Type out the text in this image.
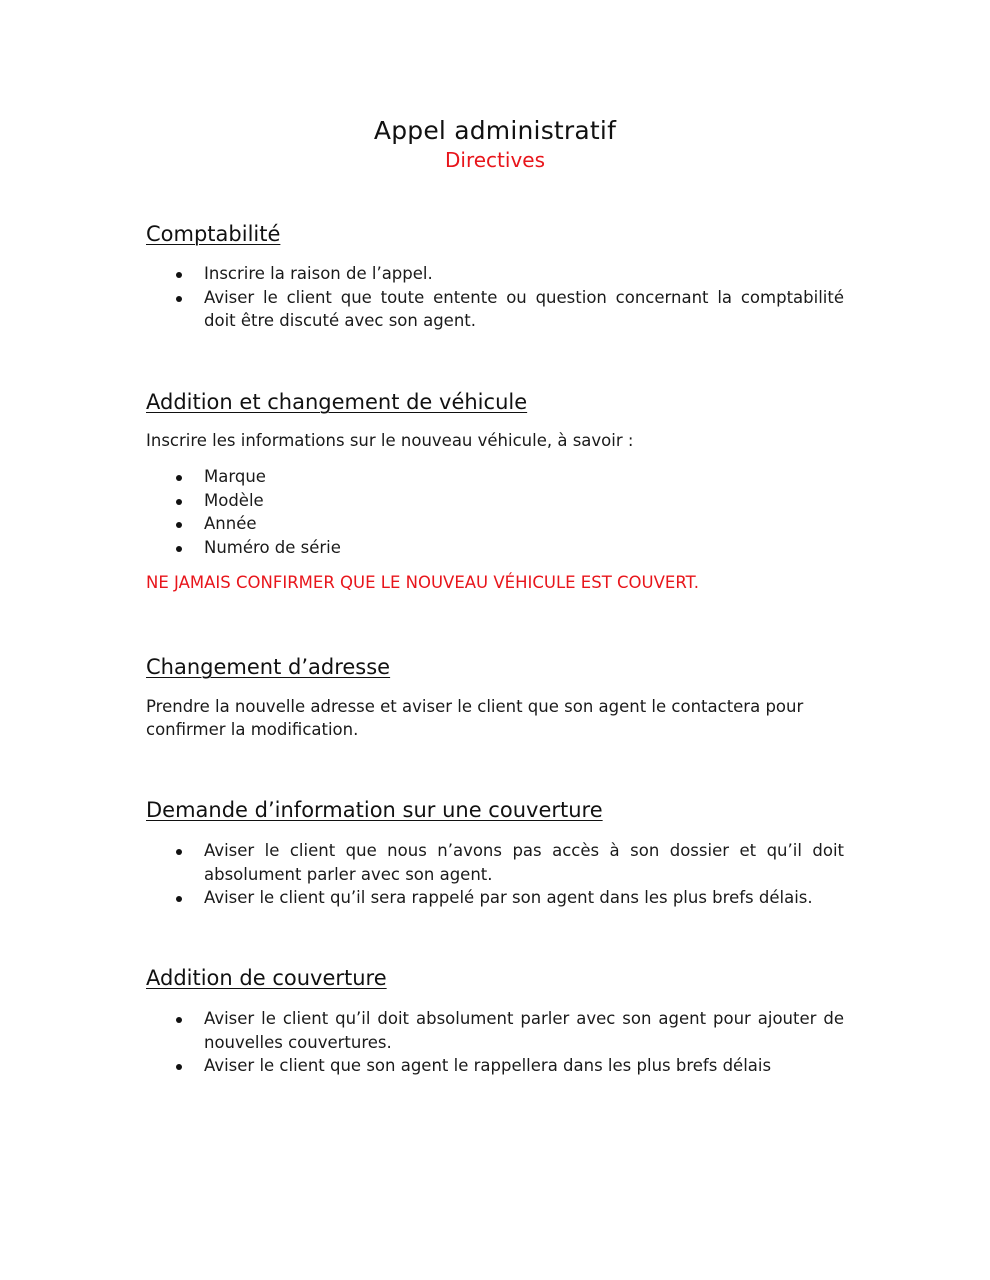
Appel administratif
Directives
Comptabilité
Inscrire la raison de l’appel.
Aviser le client que toute entente ou question concernant la comptabilité doit être discuté avec son agent.
Addition et changement de véhicule

Inscrire les informations sur le nouveau véhicule, à savoir :

Marque
Modèle
Année
Numéro de série

NE JAMAIS CONFIRMER QUE LE NOUVEAU VÉHICULE EST COUVERT.

Changement d’adresse

Prendre la nouvelle adresse et aviser le client que son agent le contactera pour confirmer la modification.

Demande d’information sur une couverture
Aviser le client que nous n’avons pas accès à son dossier et qu’il doit absolument parler avec son agent.
Aviser le client qu’il sera rappelé par son agent dans les plus brefs délais.
Addition de couverture
Aviser le client qu’il doit absolument parler avec son agent pour ajouter de nouvelles couvertures.
Aviser le client que son agent le rappellera dans les plus brefs délais
